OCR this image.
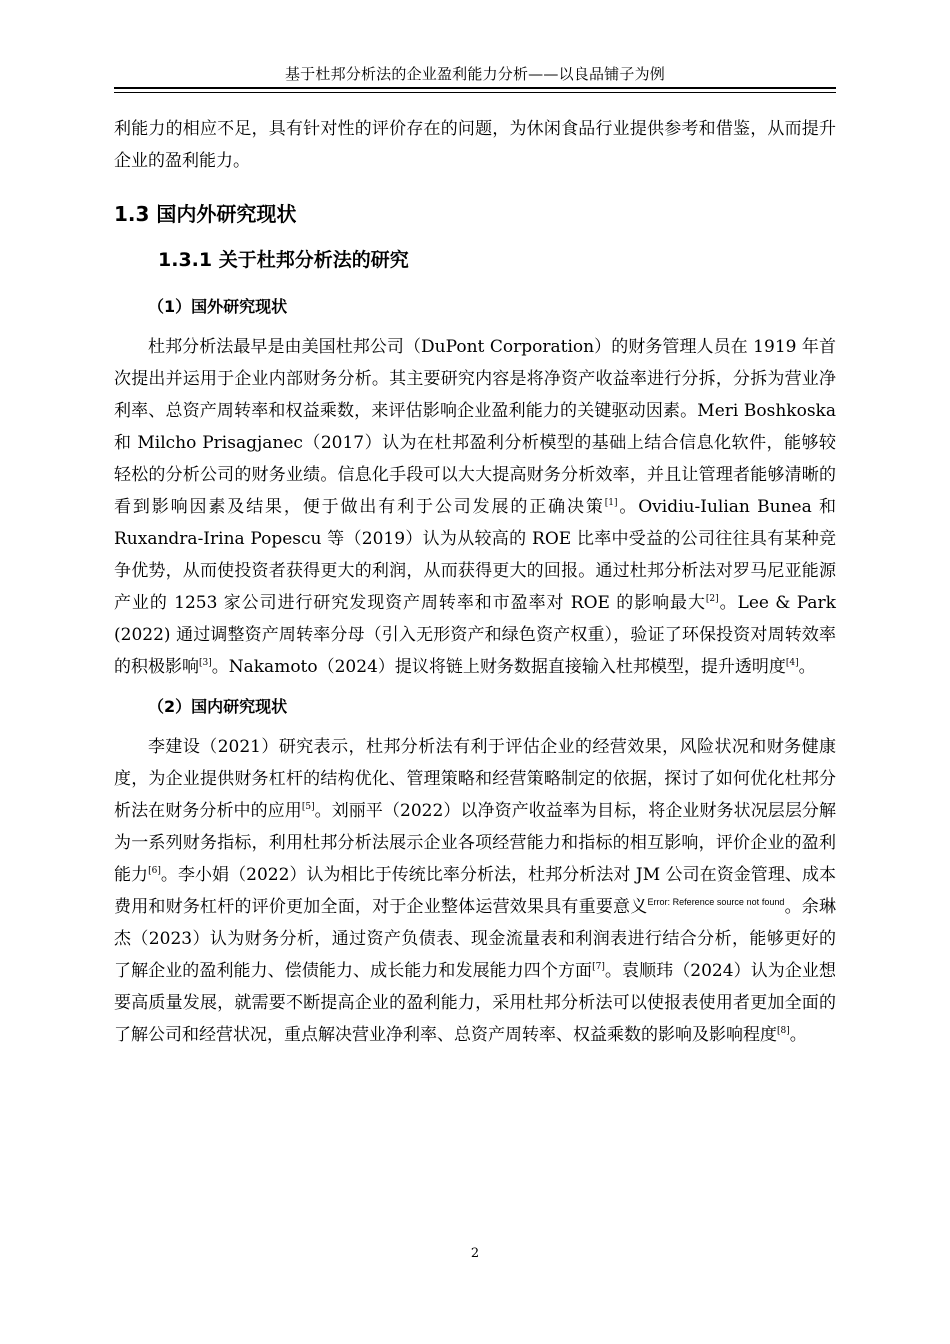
基于杜邦分析法的企业盈利能力分析——以良品铺子为例

利能力的相应不足，具有针对性的评价存在的问题，为休闲食品行业提供参考和借鉴，从而提升企业的盈利能力。

1.3 国内外研究现状
1.3.1 关于杜邦分析法的研究
（1）国外研究现状

杜邦分析法最早是由美国杜邦公司（DuPont Corporation）的财务管理人员在 1919 年首次提出并运用于企业内部财务分析。其主要研究内容是将净资产收益率进行分拆，分拆为营业净利率、总资产周转率和权益乘数，来评估影响企业盈利能力的关键驱动因素。Meri Boshkoska 和 Milcho Prisagjanec（2017）认为在杜邦盈利分析模型的基础上结合信息化软件，能够较轻松的分析公司的财务业绩。信息化手段可以大大提高财务分析效率，并且让管理者能够清晰的看到影响因素及结果，便于做出有利于公司发展的正确决策[1]。Ovidiu-Iulian Bunea 和 Ruxandra-Irina Popescu 等（2019）认为从较高的 ROE 比率中受益的公司往往具有某种竞争优势，从而使投资者获得更大的利润，从而获得更大的回报。通过杜邦分析法对罗马尼亚能源产业的 1253 家公司进行研究发现资产周转率和市盈率对 ROE 的影响最大[2]。Lee & Park (2022) 通过调整资产周转率分母（引入无形资产和绿色资产权重），验证了环保投资对周转效率的积极影响[3]。Nakamoto（2024）提议将链上财务数据直接输入杜邦模型，提升透明度[4]。

（2）国内研究现状

李建设（2021）研究表示，杜邦分析法有利于评估企业的经营效果，风险状况和财务健康度，为企业提供财务杠杆的结构优化、管理策略和经营策略制定的依据，探讨了如何优化杜邦分析法在财务分析中的应用[5]。刘丽平（2022）以净资产收益率为目标，将企业财务状况层层分解为一系列财务指标，利用杜邦分析法展示企业各项经营能力和指标的相互影响，评价企业的盈利能力[6]。李小娟（2022）认为相比于传统比率分析法，杜邦分析法对 JM 公司在资金管理、成本费用和财务杠杆的评价更加全面，对于企业整体运营效果具有重要意义$^{Error: Reference source not found}$。余琳杰（2023）认为财务分析，通过资产负债表、现金流量表和利润表进行结合分析，能够更好的了解企业的盈利能力、偿债能力、成长能力和发展能力四个方面[7]。袁顺玮（2024）认为企业想要高质量发展，就需要不断提高企业的盈利能力，采用杜邦分析法可以使报表使用者更加全面的了解公司和经营状况，重点解决营业净利率、总资产周转率、权益乘数的影响及影响程度[8]。

2
